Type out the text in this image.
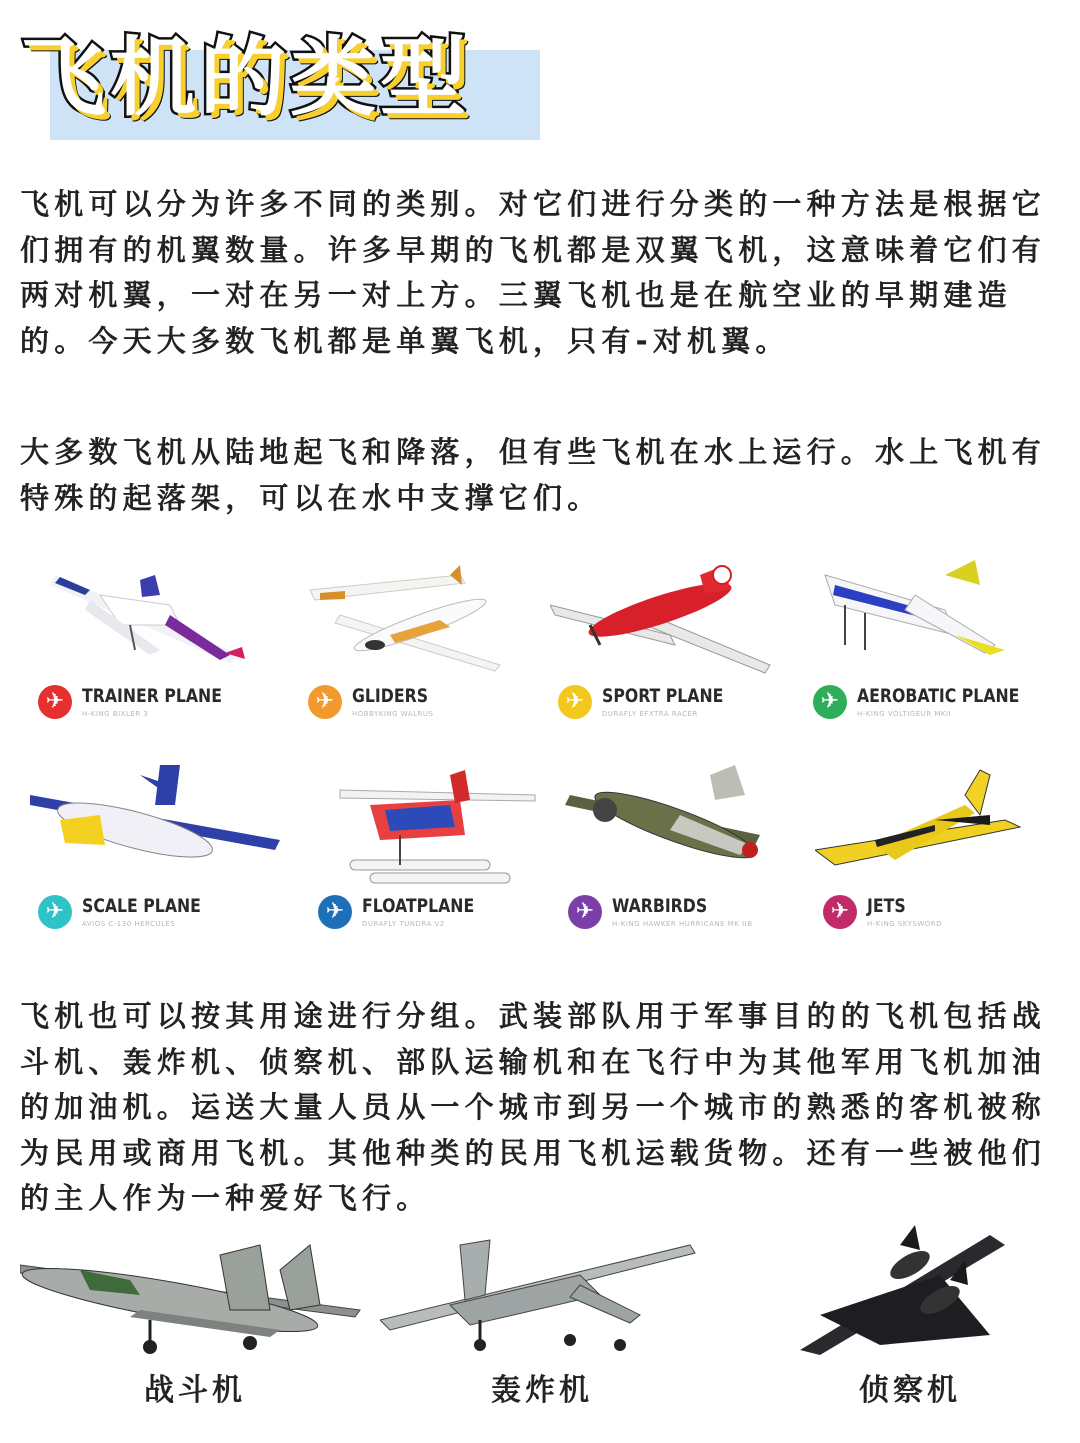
飞机的类型

飞机可以分为许多不同的类别。对它们进行分类的一种方法是根据它们拥有的机翼数量。许多早期的飞机都是双翼飞机，这意味着它们有两对机翼，一对在另一对上方。三翼飞机也是在航空业的早期建造的。今天大多数飞机都是单翼飞机，只有-对机翼。

大多数飞机从陆地起飞和降落，但有些飞机在水上运行。水上飞机有特殊的起落架，可以在水中支撑它们。

✈ TRAINER PLANE
H-KING BIXLER 3	✈ GLIDERS
HOBBYKING WALRUS	✈ SPORT PLANE
DURAFLY EFXTRA RACER	✈ AEROBATIC PLANE
H-KING VOLTIGEUR MKII
✈ SCALE PLANE
AVIOS C-130 HERCULES	✈ FLOATPLANE
DURAFLY TUNDRA V2	✈ WARBIRDS
H-KING HAWKER HURRICANE MK IIB	✈ JETS
H-KING SKYSWORD

飞机也可以按其用途进行分组。武装部队用于军事目的的飞机包括战斗机、轰炸机、侦察机、部队运输机和在飞行中为其他军用飞机加油的加油机。运送大量人员从一个城市到另一个城市的熟悉的客机被称为民用或商用飞机。其他种类的民用飞机运载货物。还有一些被他们的主人作为一种爱好飞行。

战斗机	轰炸机	侦察机
